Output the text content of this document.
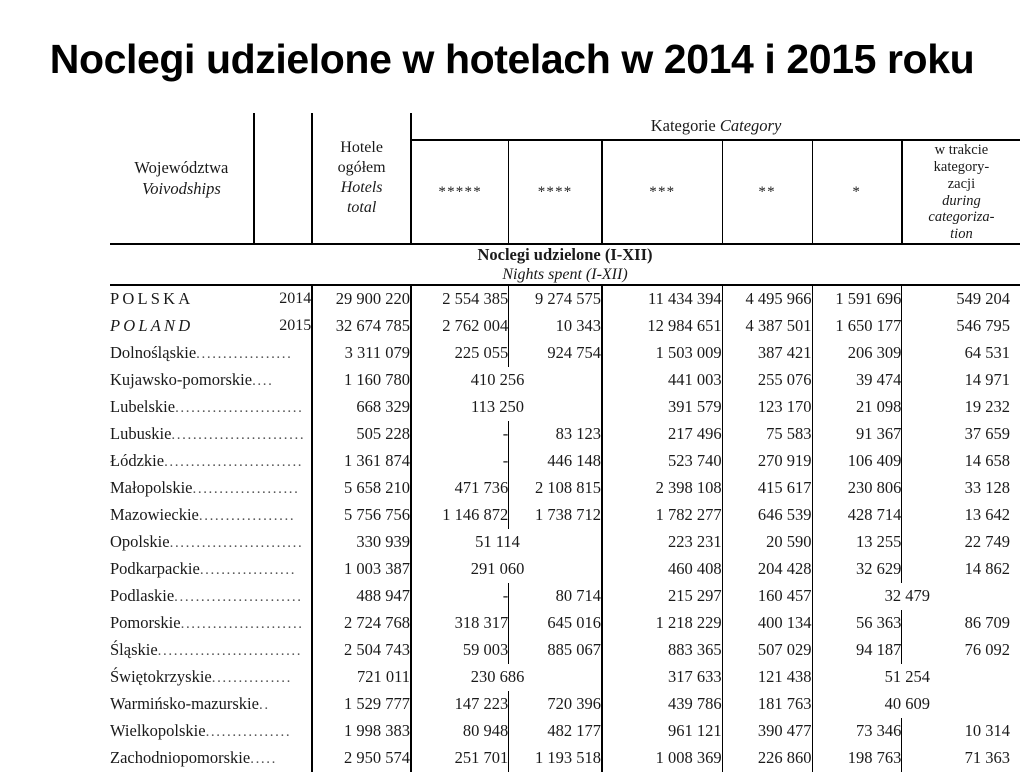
Noclegi udzielone w hotelach w 2014 i 2015 roku
Województwa
Voivodships

Hotele
ogółem
Hotels
total
	Kategorie Category
*****	****	***	**	*	
w trakcie
kategory-
zacji
during
categoriza-
tion

Noclegi udzielone (I-XII)
Nights spent (I-XII)								

POLSKA	2014	29 900 220	2 554 385	9 274 575	11 434 394	4 495 966	1 591 696	549 204
POLAND	2015	32 674 785	2 762 004	10 343	12 984 651	4 387 501	1 650 177	546 795
Dolnośląskie..................		3 311 079	225 055	924 754	1 503 009	387 421	206 309	64 531
Kujawsko-pomorskie....		1 160 780	410 256		441 003	255 076	39 474	14 971
Lubelskie........................		668 329	113 250		391 579	123 170	21 098	19 232
Lubuskie.........................		505 228	-	83 123	217 496	75 583	91 367	37 659
Łódzkie..........................		1 361 874	-	446 148	523 740	270 919	106 409	14 658
Małopolskie....................		5 658 210	471 736	2 108 815	2 398 108	415 617	230 806	33 128
Mazowieckie..................		5 756 756	1 146 872	1 738 712	1 782 277	646 539	428 714	13 642
Opolskie.........................		330 939	51 114		223 231	20 590	13 255	22 749
Podkarpackie..................		1 003 387	291 060		460 408	204 428	32 629	14 862
Podlaskie........................		488 947	-	80 714	215 297	160 457	32 479	
Pomorskie.......................		2 724 768	318 317	645 016	1 218 229	400 134	56 363	86 709
Śląskie...........................		2 504 743	59 003	885 067	883 365	507 029	94 187	76 092
Świętokrzyskie...............		721 011	230 686		317 633	121 438	51 254	
Warmińsko-mazurskie..		1 529 777	147 223	720 396	439 786	181 763	40 609	
Wielkopolskie................		1 998 383	80 948	482 177	961 121	390 477	73 346	10 314
Zachodniopomorskie.....		2 950 574	251 701	1 193 518	1 008 369	226 860	198 763	71 363
